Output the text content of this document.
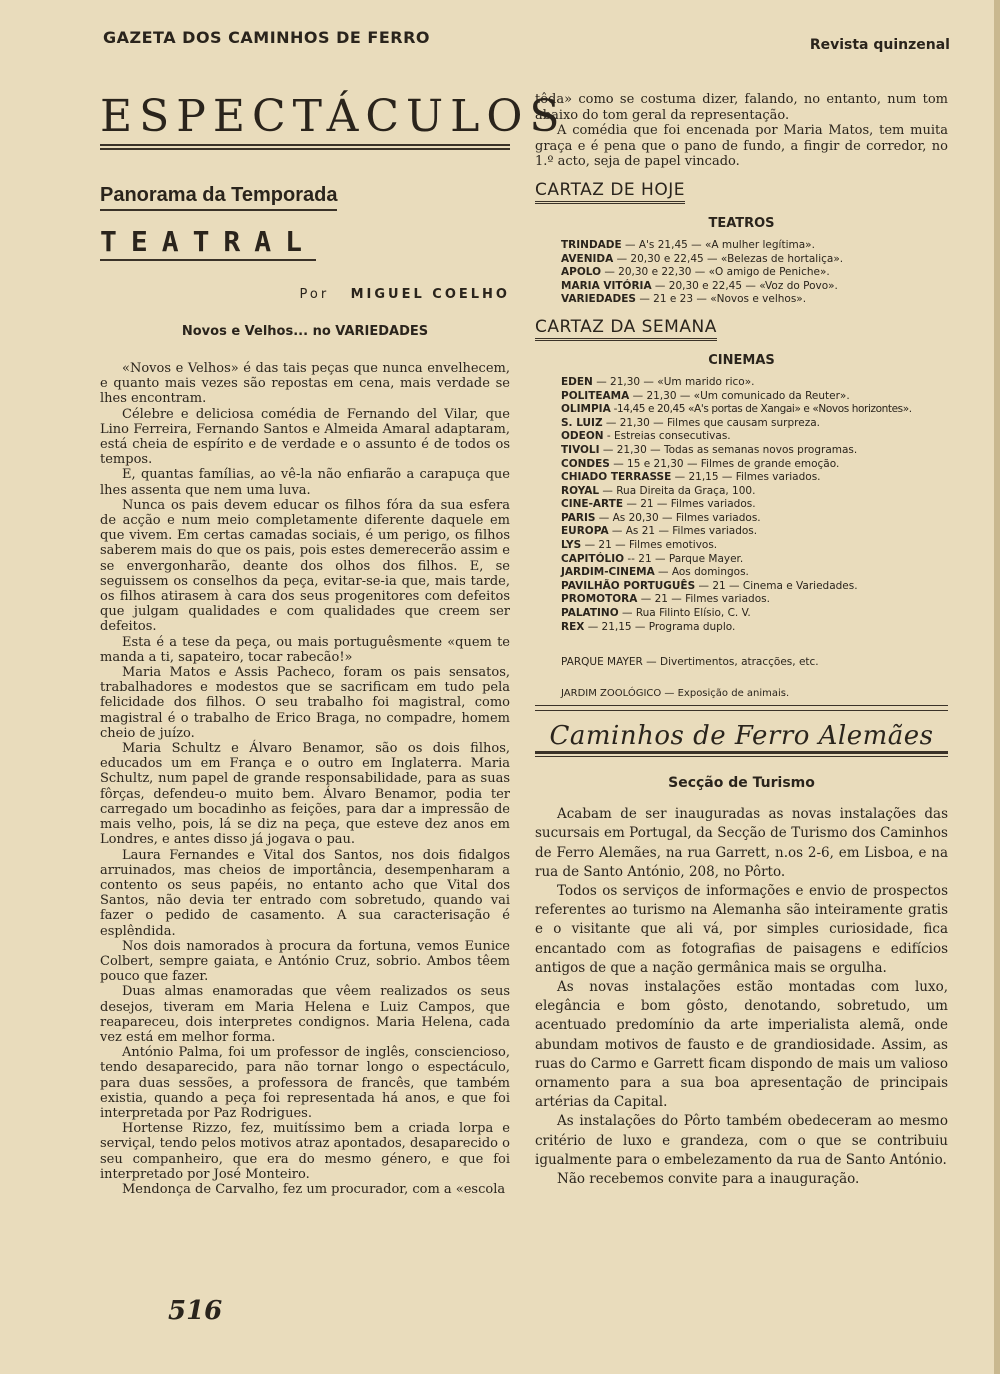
GAZETA DOS CAMINHOS DE FERRO	Revista quinzenal
ESPECTÁCULOS
Panorama da Temporada
TEATRAL
Por MIGUEL COELHO
Novos e Velhos... no VARIEDADES

«Novos e Velhos» é das tais peças que nunca envelhecem, e quanto mais vezes são repostas em cena, mais verdade se lhes encontram.

Célebre e deliciosa comédia de Fernando del Vilar, que Lino Ferreira, Fernando Santos e Almeida Amaral adaptaram, está cheia de espírito e de verdade e o assunto é de todos os tempos.

E, quantas famílias, ao vê-la não enfiarão a carapuça que lhes assenta que nem uma luva.

Nunca os pais devem educar os filhos fóra da sua esfera de acção e num meio completamente diferente daquele em que vivem. Em certas camadas sociais, é um perigo, os filhos saberem mais do que os pais, pois estes demerecerão assim e se envergonharão, deante dos olhos dos filhos. E, se seguissem os conselhos da peça, evitar-se-ia que, mais tarde, os filhos atirasem à cara dos seus progenitores com defeitos que julgam qualidades e com qualidades que creem ser defeitos.

Esta é a tese da peça, ou mais portuguêsmente «quem te manda a ti, sapateiro, tocar rabecão!»

Maria Matos e Assis Pacheco, foram os pais sensatos, trabalhadores e modestos que se sacrificam em tudo pela felicidade dos filhos. O seu trabalho foi magistral, como magistral é o trabalho de Erico Braga, no compadre, homem cheio de juízo.

Maria Schultz e Álvaro Benamor, são os dois filhos, educados um em França e o outro em Inglaterra. Maria Schultz, num papel de grande responsabilidade, para as suas fôrças, defendeu-o muito bem. Álvaro Benamor, podia ter carregado um bocadinho as feições, para dar a impressão de mais velho, pois, lá se diz na peça, que esteve dez anos em Londres, e antes disso já jogava o pau.

Laura Fernandes e Vital dos Santos, nos dois fidalgos arruinados, mas cheios de importância, desempenharam a contento os seus papéis, no entanto acho que Vital dos Santos, não devia ter entrado com sobretudo, quando vai fazer o pedido de casamento. A sua caracterisação é esplêndida.

Nos dois namorados à procura da fortuna, vemos Eunice Colbert, sempre gaiata, e António Cruz, sobrio. Ambos têem pouco que fazer.

Duas almas enamoradas que vêem realizados os seus desejos, tiveram em Maria Helena e Luiz Campos, que reapareceu, dois interpretes condignos. Maria Helena, cada vez está em melhor forma.

António Palma, foi um professor de inglês, consciencioso, tendo desaparecido, para não tornar longo o espectáculo, para duas sessões, a professora de francês, que também existia, quando a peça foi representada há anos, e que foi interpretada por Paz Rodrigues.

Hortense Rizzo, fez, muitíssimo bem a criada lorpa e serviçal, tendo pelos motivos atraz apontados, desaparecido o seu companheiro, que era do mesmo género, e que foi interpretado por José Monteiro.

Mendonça de Carvalho, fez um procurador, com a «escola

516

tôda» como se costuma dizer, falando, no entanto, num tom abaixo do tom geral da representação.

A comédia que foi encenada por Maria Matos, tem muita graça e é pena que o pano de fundo, a fingir de corredor, no 1.º acto, seja de papel vincado.

CARTAZ DE HOJE
TEATROS
TRINDADE — A's 21,45 — «A mulher legítima».
AVENIDA — 20,30 e 22,45 — «Belezas de hortaliça».
APOLO — 20,30 e 22,30 — «O amigo de Peniche».
MARIA VITÓRIA — 20,30 e 22,45 — «Voz do Povo».
VARIEDADES — 21 e 23 — «Novos e velhos».
CARTAZ DA SEMANA
CINEMAS
EDEN — 21,30 — «Um marido rico».
POLITEAMA — 21,30 — «Um comunicado da Reuter».
OLIMPIA -14,45 e 20,45 «A's portas de Xangai» e «Novos horizontes».
S. LUIZ — 21,30 — Filmes que causam surpreza.
ODEON - Estreias consecutivas.
TIVOLI — 21,30 — Todas as semanas novos programas.
CONDES — 15 e 21,30 — Filmes de grande emoção.
CHIADO TERRASSE — 21,15 — Filmes variados.
ROYAL — Rua Direita da Graça, 100.
CINE-ARTE — 21 — Filmes variados.
PARIS — As 20,30 — Filmes variados.
EUROPA — As 21 — Filmes variados.
LYS — 21 — Filmes emotivos.
CAPITÓLIO -- 21 — Parque Mayer.
JARDIM-CINEMA — Aos domingos.
PAVILHÃO PORTUGUÊS — 21 — Cinema e Variedades.
PROMOTORA — 21 — Filmes variados.
PALATINO — Rua Filinto Elísio, C. V.
REX — 21,15 — Programa duplo.
PARQUE MAYER — Divertimentos, atracções, etc.
JARDIM ZOOLÓGICO — Exposição de animais.
Caminhos de Ferro Alemães
Secção de Turismo

Acabam de ser inauguradas as novas instalações das sucursais em Portugal, da Secção de Turismo dos Caminhos de Ferro Alemães, na rua Garrett, n.os 2-6, em Lisboa, e na rua de Santo António, 208, no Pôrto.

Todos os serviços de informações e envio de prospectos referentes ao turismo na Alemanha são inteiramente gratis e o visitante que ali vá, por simples curiosidade, fica encantado com as fotografias de paisagens e edifícios antigos de que a nação germânica mais se orgulha.

As novas instalações estão montadas com luxo, elegância e bom gôsto, denotando, sobretudo, um acentuado predomínio da arte imperialista alemã, onde abundam motivos de fausto e de grandiosidade. Assim, as ruas do Carmo e Garrett ficam dispondo de mais um valioso ornamento para a sua boa apresentação de principais artérias da Capital.

As instalações do Pôrto também obedeceram ao mesmo critério de luxo e grandeza, com o que se contribuiu igualmente para o embelezamento da rua de Santo António.

Não recebemos convite para a inauguração.
